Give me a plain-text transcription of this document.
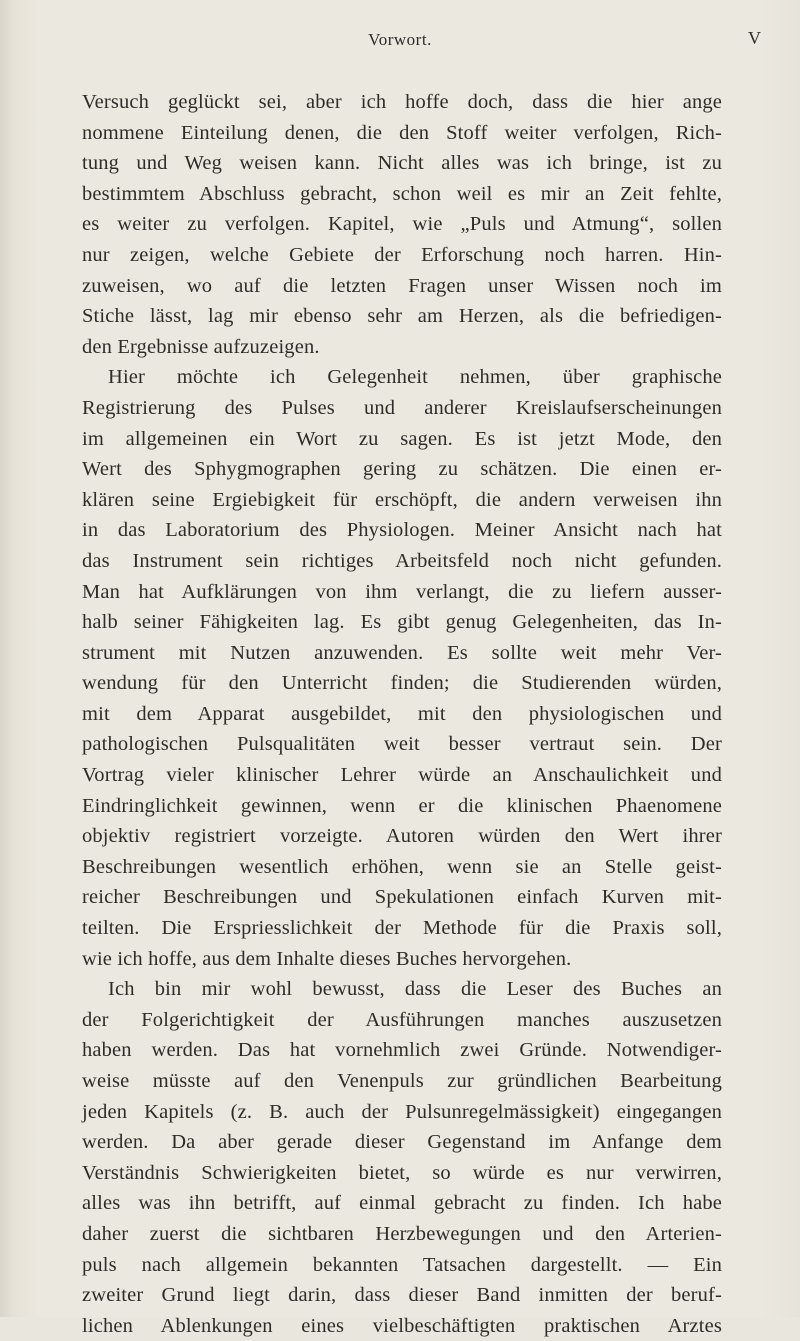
Vorwort.	V
Versuch geglückt sei, aber ich hoffe doch, dass die hier ange
nommene Einteilung denen, die den Stoff weiter verfolgen, Rich-
tung und Weg weisen kann. Nicht alles was ich bringe, ist zu
bestimmtem Abschluss gebracht, schon weil es mir an Zeit fehlte,
es weiter zu verfolgen. Kapitel, wie „Puls und Atmung“, sollen
nur zeigen, welche Gebiete der Erforschung noch harren. Hin-
zuweisen, wo auf die letzten Fragen unser Wissen noch im
Stiche lässt, lag mir ebenso sehr am Herzen, als die befriedigen-
den Ergebnisse aufzuzeigen.
Hier möchte ich Gelegenheit nehmen, über graphische
Registrierung des Pulses und anderer Kreislaufserscheinungen
im allgemeinen ein Wort zu sagen. Es ist jetzt Mode, den
Wert des Sphygmographen gering zu schätzen. Die einen er-
klären seine Ergiebigkeit für erschöpft, die andern verweisen ihn
in das Laboratorium des Physiologen. Meiner Ansicht nach hat
das Instrument sein richtiges Arbeitsfeld noch nicht gefunden.
Man hat Aufklärungen von ihm verlangt, die zu liefern ausser-
halb seiner Fähigkeiten lag. Es gibt genug Gelegenheiten, das In-
strument mit Nutzen anzuwenden. Es sollte weit mehr Ver-
wendung für den Unterricht finden; die Studierenden würden,
mit dem Apparat ausgebildet, mit den physiologischen und
pathologischen Pulsqualitäten weit besser vertraut sein. Der
Vortrag vieler klinischer Lehrer würde an Anschaulichkeit und
Eindringlichkeit gewinnen, wenn er die klinischen Phaenomene
objektiv registriert vorzeigte. Autoren würden den Wert ihrer
Beschreibungen wesentlich erhöhen, wenn sie an Stelle geist-
reicher Beschreibungen und Spekulationen einfach Kurven mit-
teilten. Die Erspriesslichkeit der Methode für die Praxis soll,
wie ich hoffe, aus dem Inhalte dieses Buches hervorgehen.
Ich bin mir wohl bewusst, dass die Leser des Buches an
der Folgerichtigkeit der Ausführungen manches auszusetzen
haben werden. Das hat vornehmlich zwei Gründe. Notwendiger-
weise müsste auf den Venenpuls zur gründlichen Bearbeitung
jeden Kapitels (z. B. auch der Pulsunregelmässigkeit) eingegangen
werden. Da aber gerade dieser Gegenstand im Anfange dem
Verständnis Schwierigkeiten bietet, so würde es nur verwirren,
alles was ihn betrifft, auf einmal gebracht zu finden. Ich habe
daher zuerst die sichtbaren Herzbewegungen und den Arterien-
puls nach allgemein bekannten Tatsachen dargestellt. — Ein
zweiter Grund liegt darin, dass dieser Band inmitten der beruf-
lichen Ablenkungen eines vielbeschäftigten praktischen Arztes
